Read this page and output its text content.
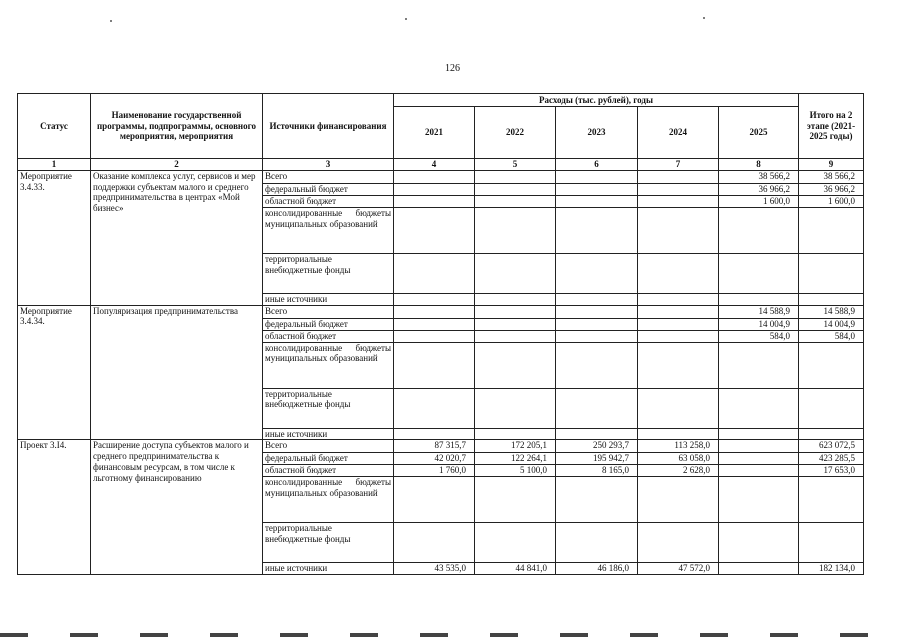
126
Статус	Наименование государственной программы, подпрограммы, основного мероприятия, мероприятия	Источники финансирования	Расходы (тыс. рублей), годы					Итого на 2 этапе (2021-2025 годы)
			2021	2022	2023	2024	2025	
1	2	3	4	5	6	7	8	9
Мероприятие 3.4.33.	Оказание комплекса услуг, сервисов и мер поддержки субъектам малого и среднего предпринимательства в центрах «Мой бизнес»	Всего					38 566,2	38 566,2
		федеральный бюджет					36 966,2	36 966,2
		областной бюджет					1 600,0	1 600,0
		консолидированные бюджеты муниципальных образований						
		территориальные внебюджетные фонды						
		иные источники						
Мероприятие 3.4.34.	Популяризация предпринимательства	Всего					14 588,9	14 588,9
		федеральный бюджет					14 004,9	14 004,9
		областной бюджет					584,0	584,0
		консолидированные бюджеты муниципальных образований						
		территориальные внебюджетные фонды						
		иные источники						
Проект 3.I4.	Расширение доступа субъектов малого и среднего предпринимательства к финансовым ресурсам, в том числе к льготному финансированию	Всего	87 315,7	172 205,1	250 293,7	113 258,0		623 072,5
		федеральный бюджет	42 020,7	122 264,1	195 942,7	63 058,0		423 285,5
		областной бюджет	1 760,0	5 100,0	8 165,0	2 628,0		17 653,0
		консолидированные бюджеты муниципальных образований						
		территориальные внебюджетные фонды						
		иные источники	43 535,0	44 841,0	46 186,0	47 572,0		182 134,0
